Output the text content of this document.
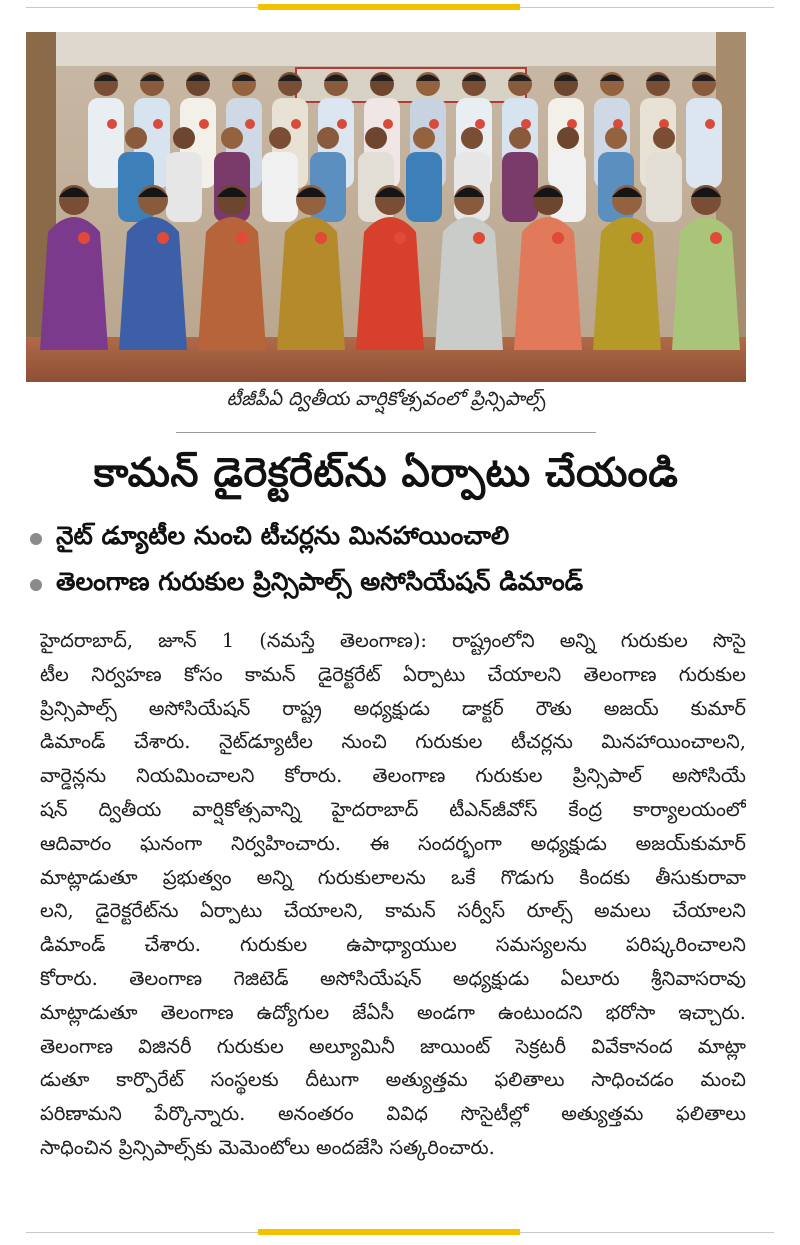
టీజీపీఏ ద్వితీయ వార్షికోత్సవంలో ప్రిన్సిపాల్స్
కామన్ డైరెక్టరేట్‌ను ఏర్పాటు చేయండి
నైట్ డ్యూటీల నుంచి టీచర్లను మినహాయించాలి
తెలంగాణ గురుకుల ప్రిన్సిపాల్స్ అసోసియేషన్ డిమాండ్
హైదరాబాద్, జూన్ 1 (నమస్తే తెలంగాణ): రాష్ట్రంలోని అన్ని గురుకుల సొసై
టీల నిర్వహణ కోసం కామన్ డైరెక్టరేట్ ఏర్పాటు చేయాలని తెలంగాణ గురుకుల
ప్రిన్సిపాల్స్ అసోసియేషన్ రాష్ట్ర అధ్యక్షుడు డాక్టర్ రౌతు అజయ్ కుమార్
డిమాండ్ చేశారు. నైట్‌డ్యూటీల నుంచి గురుకుల టీచర్లను మినహాయించాలని,
వార్డెన్లను నియమించాలని కోరారు. తెలంగాణ గురుకుల ప్రిన్సిపాల్ అసోసియే
షన్ ద్వితీయ వార్షికోత్సవాన్ని హైదరాబాద్ టీఎన్‌జీవోస్ కేంద్ర కార్యాలయంలో
ఆదివారం ఘనంగా నిర్వహించారు. ఈ సందర్భంగా అధ్యక్షుడు అజయ్‌కుమార్
మాట్లాడుతూ ప్రభుత్వం అన్ని గురుకులాలను ఒకే గొడుగు కిందకు తీసుకురావా
లని, డైరెక్టరేట్‌ను ఏర్పాటు చేయాలని, కామన్ సర్వీస్ రూల్స్ అమలు చేయాలని
డిమాండ్ చేశారు. గురుకుల ఉపాధ్యాయుల సమస్యలను పరిష్కరించాలని
కోరారు. తెలంగాణ గెజిటెడ్ అసోసియేషన్ అధ్యక్షుడు ఏలూరు శ్రీనివాసరావు
మాట్లాడుతూ తెలంగాణ ఉద్యోగుల జేఏసీ అండగా ఉంటుందని భరోసా ఇచ్చారు.
తెలంగాణ విజినరీ గురుకుల అల్యూమినీ జాయింట్ సెక్రటరీ వివేకానంద మాట్లా
డుతూ కార్పొరేట్ సంస్థలకు దీటుగా అత్యుత్తమ ఫలితాలు సాధించడం మంచి
పరిణామని పేర్కొన్నారు. అనంతరం వివిధ సొసైటీల్లో అత్యుత్తమ ఫలితాలు
సాధించిన ప్రిన్సిపాల్స్‌కు మెమెంటోలు అందజేసి సత్కరించారు.
